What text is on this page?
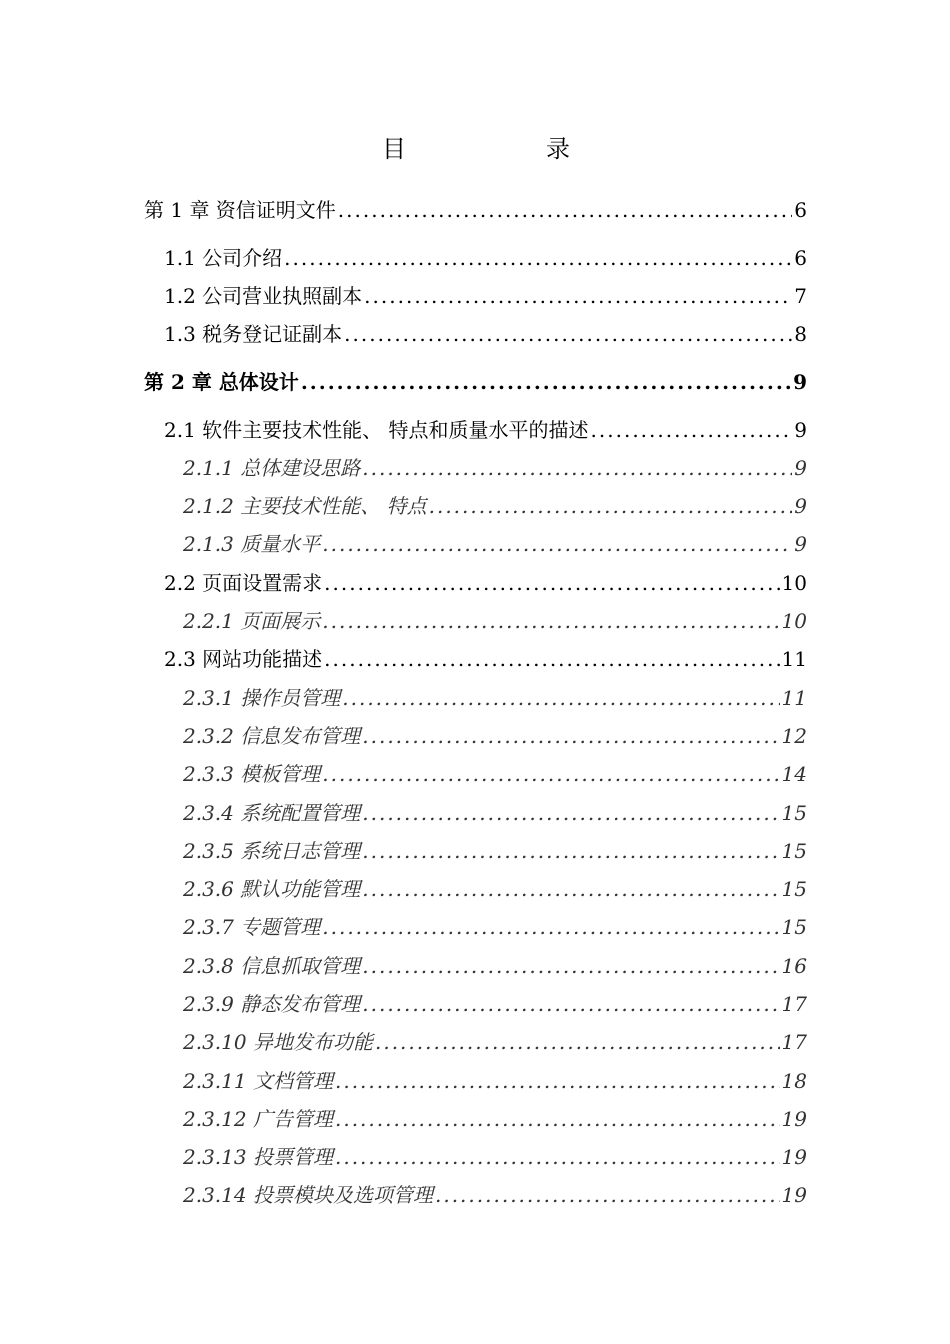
目	录
第 1 章 资信证明文件 .....	6
1.1 公司介绍 .....	6
1.2 公司营业执照副本 .....	7
1.3 税务登记证副本 .....	8
第 2 章 总体设计 .....	9
2.1 软件主要技术性能、 特点和质量水平的描述 .....	9
2.1.1 总体建设思路 .....	9
2.1.2 主要技术性能、 特点 .....	9
2.1.3 质量水平 .....	9
2.2 页面设置需求 .....	10
2.2.1 页面展示 .....	10
2.3 网站功能描述 .....	11
2.3.1 操作员管理 .....	11
2.3.2 信息发布管理 .....	12
2.3.3 模板管理 .....	14
2.3.4 系统配置管理 .....	15
2.3.5 系统日志管理 .....	15
2.3.6 默认功能管理 .....	15
2.3.7 专题管理 .....	15
2.3.8 信息抓取管理 .....	16
2.3.9 静态发布管理 .....	17
2.3.10 异地发布功能 .....	17
2.3.11 文档管理 .....	18
2.3.12 广告管理 .....	19
2.3.13 投票管理 .....	19
2.3.14 投票模块及选项管理 .....	19
